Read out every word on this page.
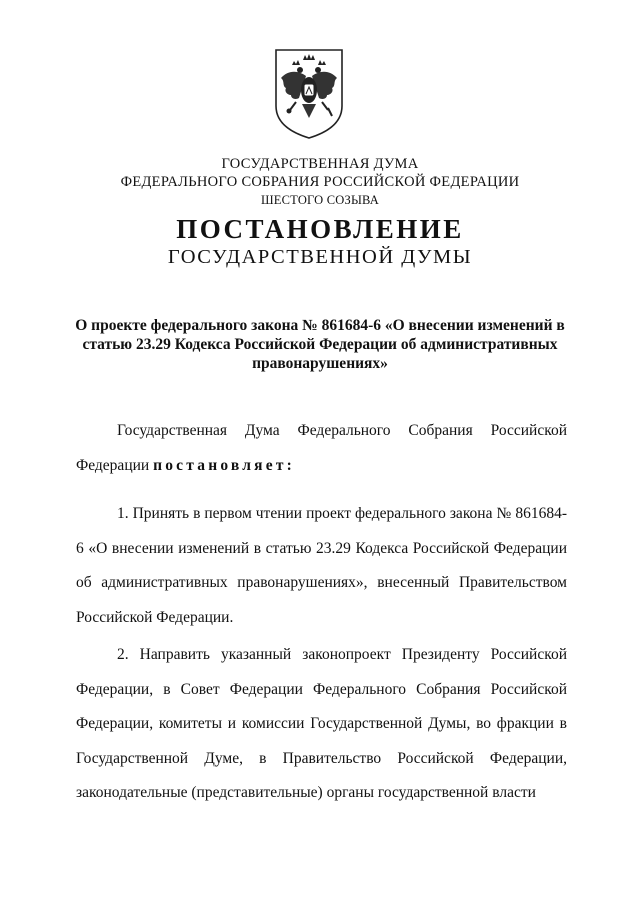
ГОСУДАРСТВЕННАЯ ДУМА
ФЕДЕРАЛЬНОГО СОБРАНИЯ РОССИЙСКОЙ ФЕДЕРАЦИИ
ШЕСТОГО СОЗЫВА
ПОСТАНОВЛЕНИЕ
ГОСУДАРСТВЕННОЙ ДУМЫ
О проекте федерального закона № 861684-6 «О внесении изменений в статью 23.29 Кодекса Российской Федерации об административных правонарушениях»
Государственная Дума Федерального Собрания Российской Федерации постановляет:
1. Принять в первом чтении проект федерального закона № 861684-6 «О внесении изменений в статью 23.29 Кодекса Российской Федерации об административных правонарушениях», внесенный Правительством Российской Федерации.
2. Направить указанный законопроект Президенту Российской Федерации, в Совет Федерации Федерального Собрания Российской Федерации, комитеты и комиссии Государственной Думы, во фракции в Государственной Думе, в Правительство Российской Федерации, законодательные (представительные) органы государственной власти
